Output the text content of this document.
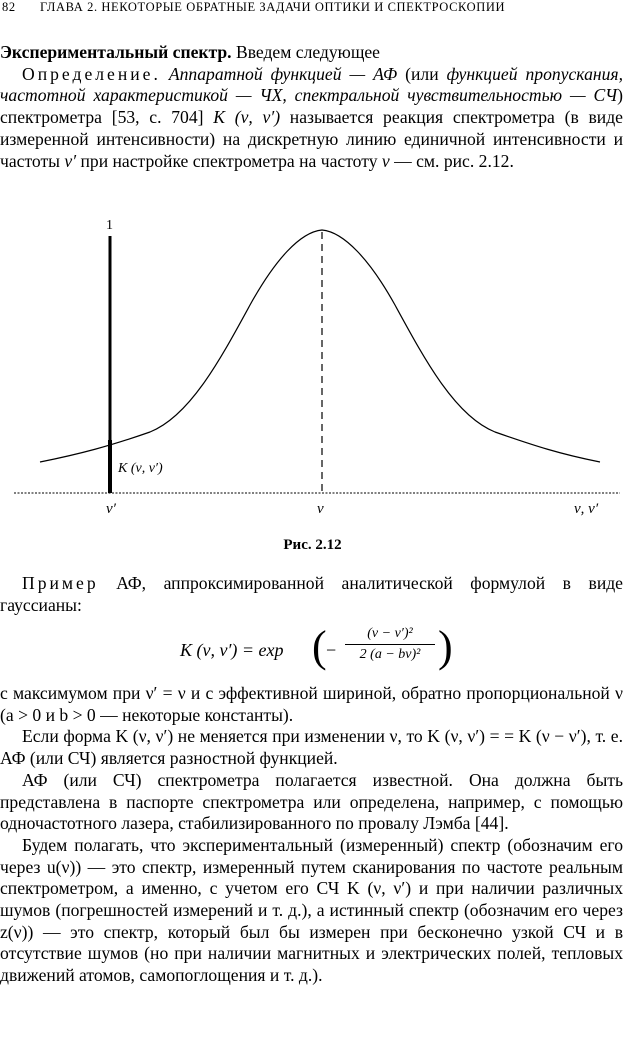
82 ГЛАВА 2. НЕКОТОРЫЕ ОБРАТНЫЕ ЗАДАЧИ ОПТИКИ И СПЕКТРОСКОПИИ

Экспериментальный спектр. Введем следующее

Определение. Аппаратной функцией — АФ (или функцией пропускания, частотной характеристикой — ЧХ, спектральной чувствительностью — СЧ) спектрометра [53, с. 704] K (ν, ν′) называется реакция спектрометра (в виде измеренной интенсивности) на дискретную линию единичной интенсивности и частоты ν′ при настройке спектрометра на частоту ν — см. рис. 2.12.

1
K (ν, ν′)
ν′	ν	ν, ν′
Рис. 2.12

Пример АФ, аппроксимированной аналитической формулой в виде гауссианы:

K (ν, ν′) = exp ( −
(ν − ν′)²
2 (a − bν)² )

с максимумом при ν′ = ν и с эффективной шириной, обратно пропорциональной ν (a > 0 и b > 0 — некоторые константы).

Если форма K (ν, ν′) не меняется при изменении ν, то K (ν, ν′) = = K (ν − ν′), т. е. АФ (или СЧ) является разностной функцией.

АФ (или СЧ) спектрометра полагается известной. Она должна быть представлена в паспорте спектрометра или определена, например, с помощью одночастотного лазера, стабилизированного по провалу Лэмба [44].

Будем полагать, что экспериментальный (измеренный) спектр (обозначим его через u(ν)) — это спектр, измеренный путем сканирования по частоте реальным спектрометром, а именно, с учетом его СЧ K (ν, ν′) и при наличии различных шумов (погрешностей измерений и т. д.), а истинный спектр (обозначим его через z(ν)) — это спектр, который был бы измерен при бесконечно узкой СЧ и в отсутствие шумов (но при наличии магнитных и электрических полей, тепловых движений атомов, самопоглощения и т. д.).
